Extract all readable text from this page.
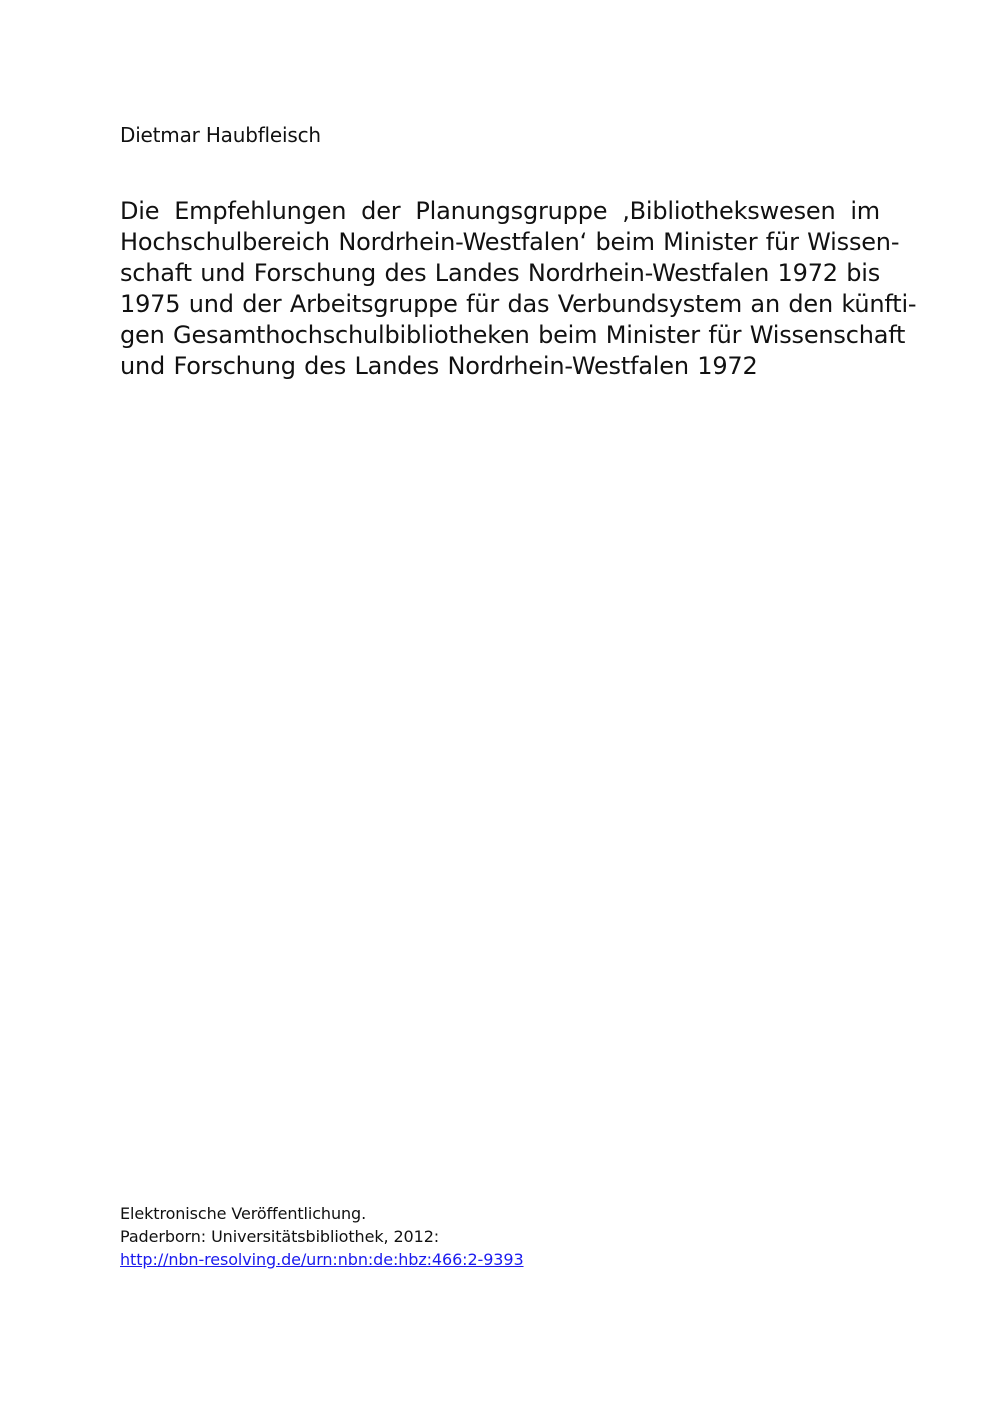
Dietmar Haubfleisch

Die Empfehlungen der Planungsgruppe ‚Bibliothekswesen im
Hochschulbereich Nordrhein-Westfalen‘ beim Minister für Wissen-
schaft und Forschung des Landes Nordrhein-Westfalen 1972 bis
1975 und der Arbeitsgruppe für das Verbundsystem an den künfti-
gen Gesamthochschulbibliotheken beim Minister für Wissenschaft
und Forschung des Landes Nordrhein-Westfalen 1972
Elektronische Veröffentlichung.
Paderborn: Universitätsbibliothek, 2012:
http://nbn-resolving.de/urn:nbn:de:hbz:466:2-9393
